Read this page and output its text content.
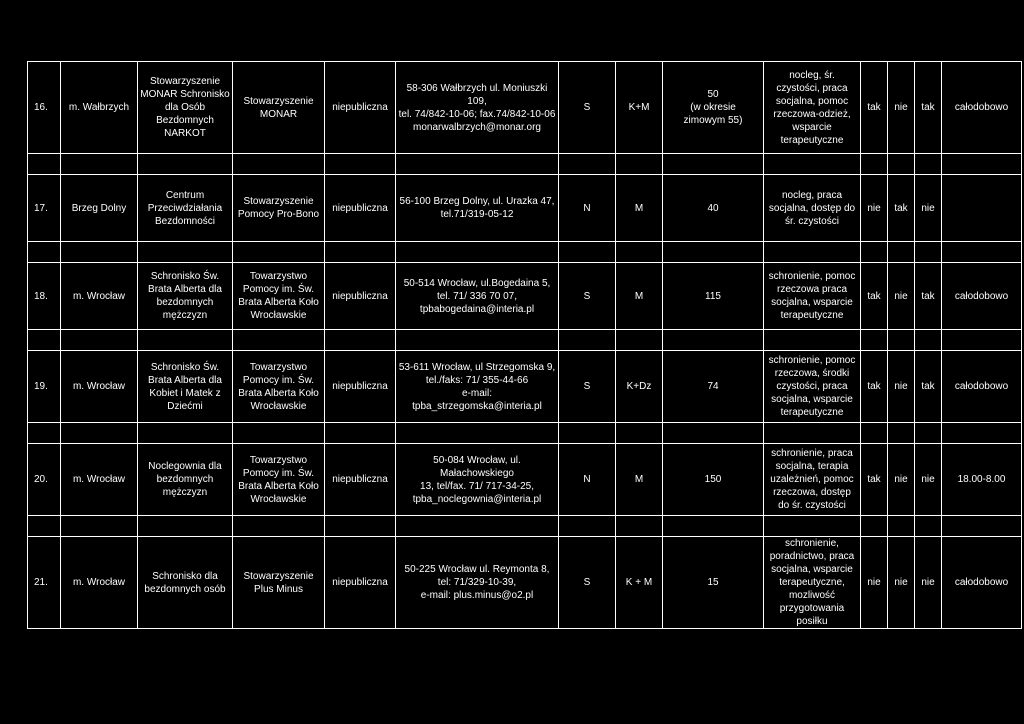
16.	m. Wałbrzych	Stowarzyszenie MONAR Schronisko dla Osób Bezdomnych NARKOT	Stowarzyszenie MONAR	niepubliczna	58-306 Wałbrzych ul. Moniuszki 109,
tel. 74/842-10-06; fax.74/842-10-06
monarwalbrzych@monar.org	S	K+M	50
(w okresie
zimowym 55)	nocleg, śr. czystości, praca socjalna, pomoc rzeczowa-odzież, wsparcie terapeutyczne	tak	nie	tak	całodobowo

17.	Brzeg Dolny	Centrum Przeciwdziałania Bezdomności	Stowarzyszenie Pomocy Pro-Bono	niepubliczna	56-100 Brzeg Dolny, ul. Urazka 47,
tel.71/319-05-12	N	M	40	nocleg, praca socjalna, dostęp do śr. czystości	nie	tak	nie	

18.	m. Wrocław	Schronisko Św. Brata Alberta dla bezdomnych mężczyzn	Towarzystwo Pomocy im. Św. Brata Alberta Koło Wrocławskie	niepubliczna	50-514 Wrocław, ul.Bogedaina 5,
tel. 71/ 336 70 07,
tpbabogedaina@interia.pl	S	M	115	schronienie, pomoc rzeczowa praca socjalna, wsparcie terapeutyczne	tak	nie	tak	całodobowo

19.	m. Wrocław	Schronisko Św. Brata Alberta dla Kobiet i Matek z Dziećmi	Towarzystwo Pomocy im. Św. Brata Alberta Koło Wrocławskie	niepubliczna	53-611 Wrocław, ul Strzegomska 9,
tel./faks: 71/ 355-44-66
e-mail: tpba_strzegomska@interia.pl	S	K+Dz	74	schronienie, pomoc rzeczowa, środki czystości, praca socjalna, wsparcie terapeutyczne	tak	nie	tak	całodobowo

20.	m. Wrocław	Noclegownia dla bezdomnych mężczyzn	Towarzystwo Pomocy im. Św. Brata Alberta Koło Wrocławskie	niepubliczna	50-084 Wrocław, ul. Małachowskiego
13, tel/fax. 71/ 717-34-25,
tpba_noclegownia@interia.pl	N	M	150	schronienie, praca socjalna, terapia uzależnień, pomoc rzeczowa, dostęp do śr. czystości	tak	nie	nie	18.00-8.00

21.	m. Wrocław	Schronisko dla bezdomnych osób	Stowarzyszenie Plus Minus	niepubliczna	50-225 Wrocław ul. Reymonta 8,
tel: 71/329-10-39,
e-mail: plus.minus@o2.pl	S	K + M	15	schronienie, poradnictwo, praca socjalna, wsparcie terapeutyczne, mozliwość przygotowania posiłku	nie	nie	nie	całodobowo
